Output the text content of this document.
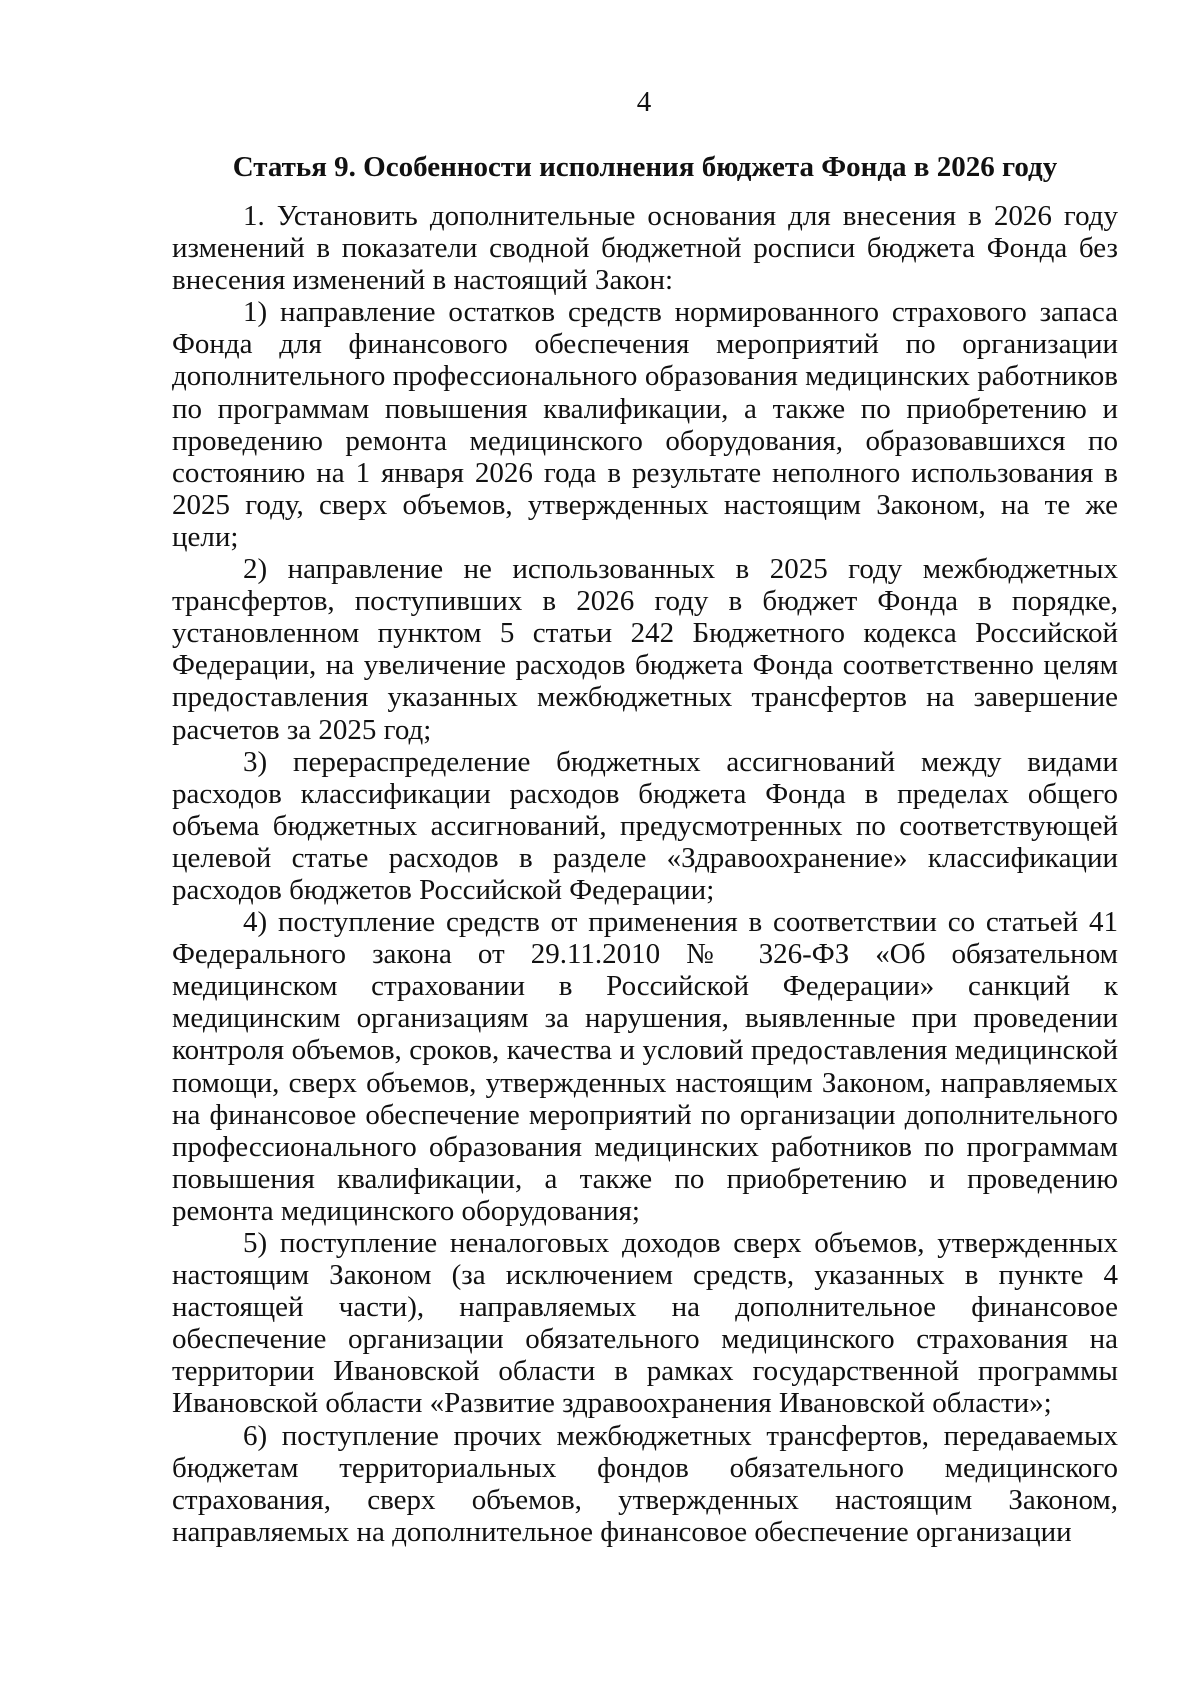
4
Статья 9. Особенности исполнения бюджета Фонда в 2026 году

1. Установить дополнительные основания для внесения в 2026 году изменений в показатели сводной бюджетной росписи бюджета Фонда без внесения изменений в настоящий Закон:

1) направление остатков средств нормированного страхового запаса Фонда для финансового обеспечения мероприятий по организации дополнительного профессионального образования медицинских работников по программам повышения квалификации, а также по приобретению и проведению ремонта медицинского оборудования, образовавшихся по состоянию на 1 января 2026 года в результате неполного использования в 2025 году, сверх объемов, утвержденных настоящим Законом, на те же цели;

2) направление не использованных в 2025 году межбюджетных трансфертов, поступивших в 2026 году в бюджет Фонда в порядке, установленном пунктом 5 статьи 242 Бюджетного кодекса Российской Федерации, на увеличение расходов бюджета Фонда соответственно целям предоставления указанных межбюджетных трансфертов на завершение расчетов за 2025 год;

3) перераспределение бюджетных ассигнований между видами расходов классификации расходов бюджета Фонда в пределах общего объема бюджетных ассигнований, предусмотренных по соответствующей целевой статье расходов в разделе «Здравоохранение» классификации расходов бюджетов Российской Федерации;

4) поступление средств от применения в соответствии со статьей 41 Федерального закона от 29.11.2010 № 326-ФЗ «Об обязательном медицинском страховании в Российской Федерации» санкций к медицинским организациям за нарушения, выявленные при проведении контроля объемов, сроков, качества и условий предоставления медицинской помощи, сверх объемов, утвержденных настоящим Законом, направляемых на финансовое обеспечение мероприятий по организации дополнительного профессионального образования медицинских работников по программам повышения квалификации, а также по приобретению и проведению ремонта медицинского оборудования;

5) поступление неналоговых доходов сверх объемов, утвержденных настоящим Законом (за исключением средств, указанных в пункте 4 настоящей части), направляемых на дополнительное финансовое обеспечение организации обязательного медицинского страхования на территории Ивановской области в рамках государственной программы Ивановской области «Развитие здравоохранения Ивановской области»;

6) поступление прочих межбюджетных трансфертов, передаваемых бюджетам территориальных фондов обязательного медицинского страхования, сверх объемов, утвержденных настоящим Законом, направляемых на дополнительное финансовое обеспечение организации
